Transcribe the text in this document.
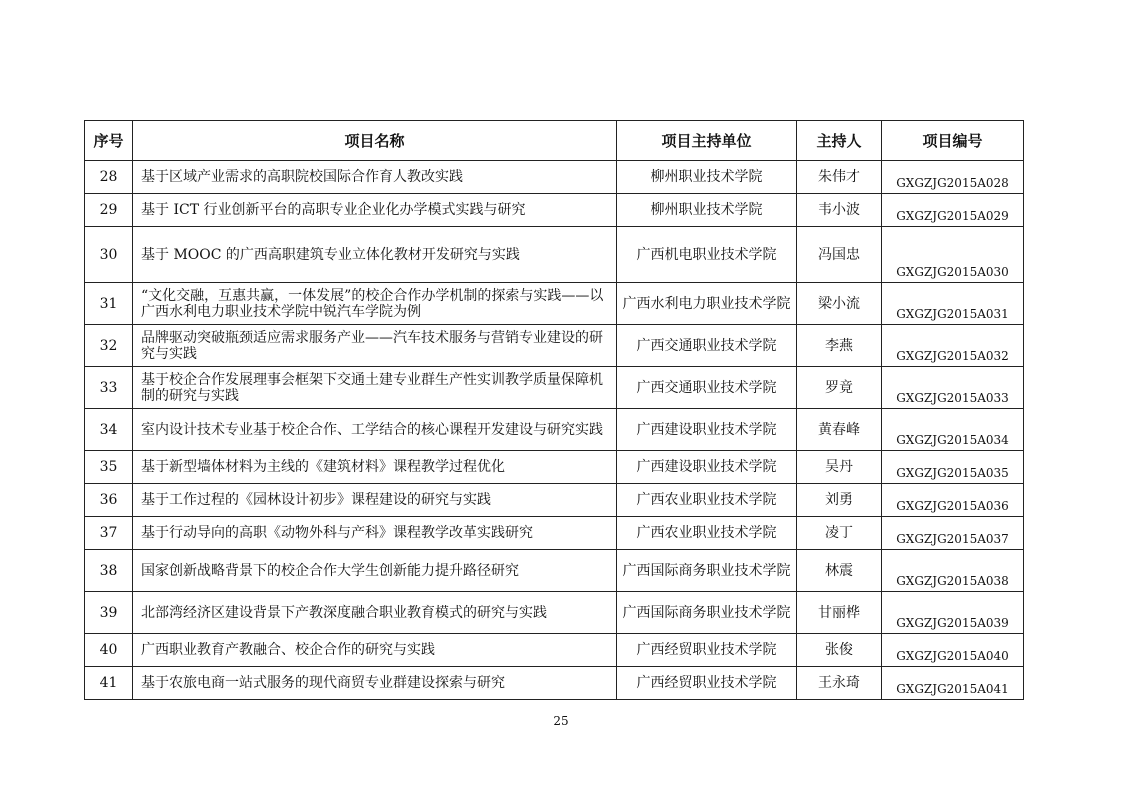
序号	项目名称	项目主持单位	主持人	项目编号
28	基于区域产业需求的高职院校国际合作育人教改实践	柳州职业技术学院	朱伟才	GXGZJG2015A028
29	基于 ICT 行业创新平台的高职专业企业化办学模式实践与研究	柳州职业技术学院	韦小波	GXGZJG2015A029
30	基于 MOOC 的广西高职建筑专业立体化教材开发研究与实践	广西机电职业技术学院	冯国忠	GXGZJG2015A030
31	“文化交融，互惠共赢，一体发展”的校企合作办学机制的探索与实践——以广西水利电力职业技术学院中锐汽车学院为例	广西水利电力职业技术学院	梁小流	GXGZJG2015A031
32	品牌驱动突破瓶颈适应需求服务产业——汽车技术服务与营销专业建设的研究与实践	广西交通职业技术学院	李燕	GXGZJG2015A032
33	基于校企合作发展理事会框架下交通土建专业群生产性实训教学质量保障机制的研究与实践	广西交通职业技术学院	罗竟	GXGZJG2015A033
34	室内设计技术专业基于校企合作、工学结合的核心课程开发建设与研究实践	广西建设职业技术学院	黄春峰	GXGZJG2015A034
35	基于新型墙体材料为主线的《建筑材料》课程教学过程优化	广西建设职业技术学院	吴丹	GXGZJG2015A035
36	基于工作过程的《园林设计初步》课程建设的研究与实践	广西农业职业技术学院	刘勇	GXGZJG2015A036
37	基于行动导向的高职《动物外科与产科》课程教学改革实践研究	广西农业职业技术学院	凌丁	GXGZJG2015A037
38	国家创新战略背景下的校企合作大学生创新能力提升路径研究	广西国际商务职业技术学院	林震	GXGZJG2015A038
39	北部湾经济区建设背景下产教深度融合职业教育模式的研究与实践	广西国际商务职业技术学院	甘丽桦	GXGZJG2015A039
40	广西职业教育产教融合、校企合作的研究与实践	广西经贸职业技术学院	张俊	GXGZJG2015A040
41	基于农旅电商一站式服务的现代商贸专业群建设探索与研究	广西经贸职业技术学院	王永琦	GXGZJG2015A041
25
